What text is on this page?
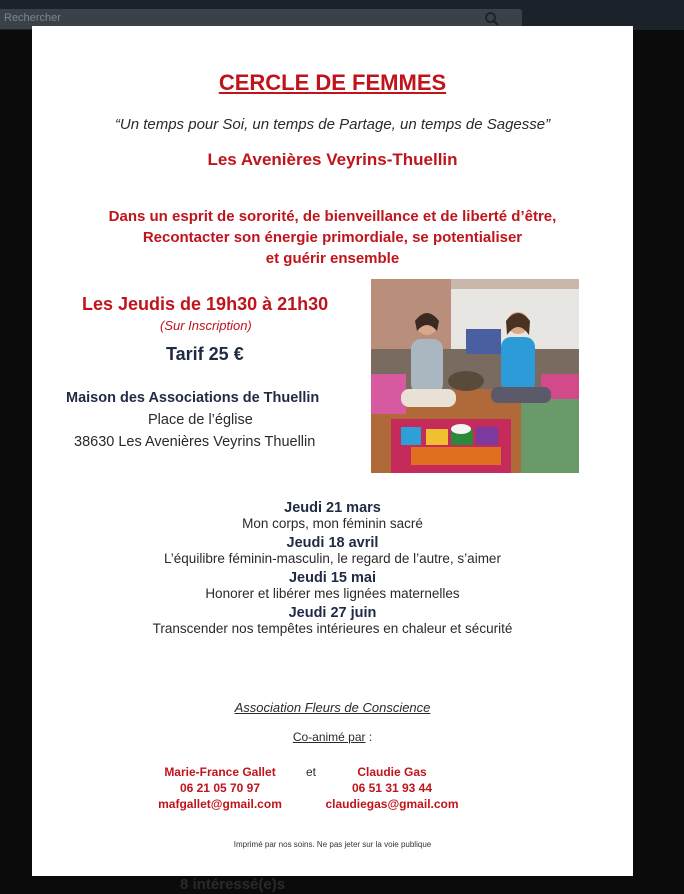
Rechercher
CERCLE DE FEMMES
“Un temps pour Soi, un temps de Partage, un temps de Sagesse”
Les Avenières Veyrins-Thuellin
Dans un esprit de sororité, de bienveillance et de liberté d’être,
Recontacter son énergie primordiale, se potentialiser
et guérir ensemble
Les Jeudis de 19h30 à 21h30
(Sur Inscription)
Tarif 25 €
Maison des Associations de Thuellin
Place de l’église
38630 Les Avenières Veyrins Thuellin
Jeudi 21 mars
Mon corps, mon féminin sacré
Jeudi 18 avril
L’équilibre féminin-masculin, le regard de l’autre, s’aimer
Jeudi 15 mai
Honorer et libérer mes lignées maternelles
Jeudi 27 juin
Transcender nos tempêtes intérieures en chaleur et sécurité
Association Fleurs de Conscience
Co-animé par :
Marie-France Gallet
06 21 05 70 97
mafgallet@gmail.com
et	Claudie Gas
06 51 31 93 44
claudiegas@gmail.com
Imprimé par nos soins. Ne pas jeter sur la voie publique
8 intéressé(e)s
